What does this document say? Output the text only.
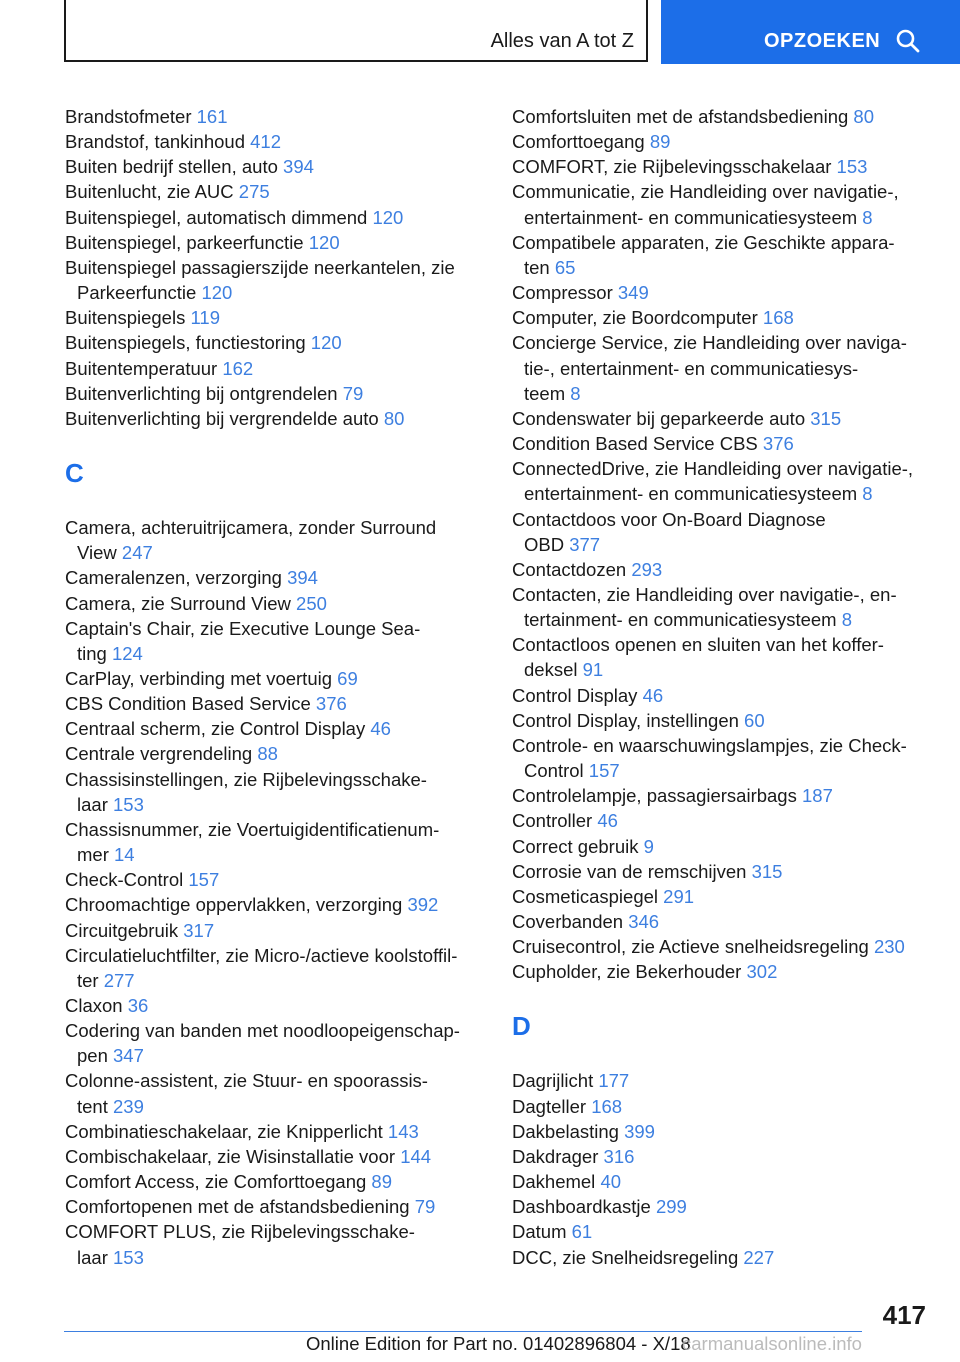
Alles van A tot Z	OPZOEKEN
Brandstofmeter 161
Brandstof, tankinhoud 412
Buiten bedrijf stellen, auto 394
Buitenlucht, zie AUC 275
Buitenspiegel, automatisch dimmend 120
Buitenspiegel, parkeerfunctie 120
Buitenspiegel passagierszijde neerkantelen, zie
Parkeerfunctie 120
Buitenspiegels 119
Buitenspiegels, functiestoring 120
Buitentemperatuur 162
Buitenverlichting bij ontgrendelen 79
Buitenverlichting bij vergrendelde auto 80
C
Camera, achteruitrijcamera, zonder Surround
View 247
Cameralenzen, verzorging 394
Camera, zie Surround View 250
Captain's Chair, zie Executive Lounge Sea‐
ting 124
CarPlay, verbinding met voertuig 69
CBS Condition Based Service 376
Centraal scherm, zie Control Display 46
Centrale vergrendeling 88
Chassisinstellingen, zie Rijbelevingsschake‐
laar 153
Chassisnummer, zie Voertuigidentificatienum‐
mer 14
Check-Control 157
Chroomachtige oppervlakken, verzorging 392
Circuitgebruik 317
Circulatieluchtfilter, zie Micro-/actieve koolstoffil‐
ter 277
Claxon 36
Codering van banden met noodloopeigenschap‐
pen 347
Colonne-assistent, zie Stuur- en spoorassis‐
tent 239
Combinatieschakelaar, zie Knipperlicht 143
Combischakelaar, zie Wisinstallatie voor 144
Comfort Access, zie Comforttoegang 89
Comfortopenen met de afstandsbediening 79
COMFORT PLUS, zie Rijbelevingsschake‐
laar 153
Comfortsluiten met de afstandsbediening 80
Comforttoegang 89
COMFORT, zie Rijbelevingsschakelaar 153
Communicatie, zie Handleiding over navigatie-,
entertainment- en communicatiesysteem 8
Compatibele apparaten, zie Geschikte appara‐
ten 65
Compressor 349
Computer, zie Boordcomputer 168
Concierge Service, zie Handleiding over naviga‐
tie-, entertainment- en communicatiesys‐
teem 8
Condenswater bij geparkeerde auto 315
Condition Based Service CBS 376
ConnectedDrive, zie Handleiding over navigatie-,
entertainment- en communicatiesysteem 8
Contactdoos voor On-Board Diagnose
OBD 377
Contactdozen 293
Contacten, zie Handleiding over navigatie-, en‐
tertainment- en communicatiesysteem 8
Contactloos openen en sluiten van het koffer‐
deksel 91
Control Display 46
Control Display, instellingen 60
Controle- en waarschuwingslampjes, zie Check-
Control 157
Controlelampje, passagiersairbags 187
Controller 46
Correct gebruik 9
Corrosie van de remschijven 315
Cosmeticaspiegel 291
Coverbanden 346
Cruisecontrol, zie Actieve snelheidsregeling 230
Cupholder, zie Bekerhouder 302
D
Dagrijlicht 177
Dagteller 168
Dakbelasting 399
Dakdrager 316
Dakhemel 40
Dashboardkastje 299
Datum 61
DCC, zie Snelheidsregeling 227
417
Online Edition for Part no. 01402896804 - X/18
carmanualsonline.info
